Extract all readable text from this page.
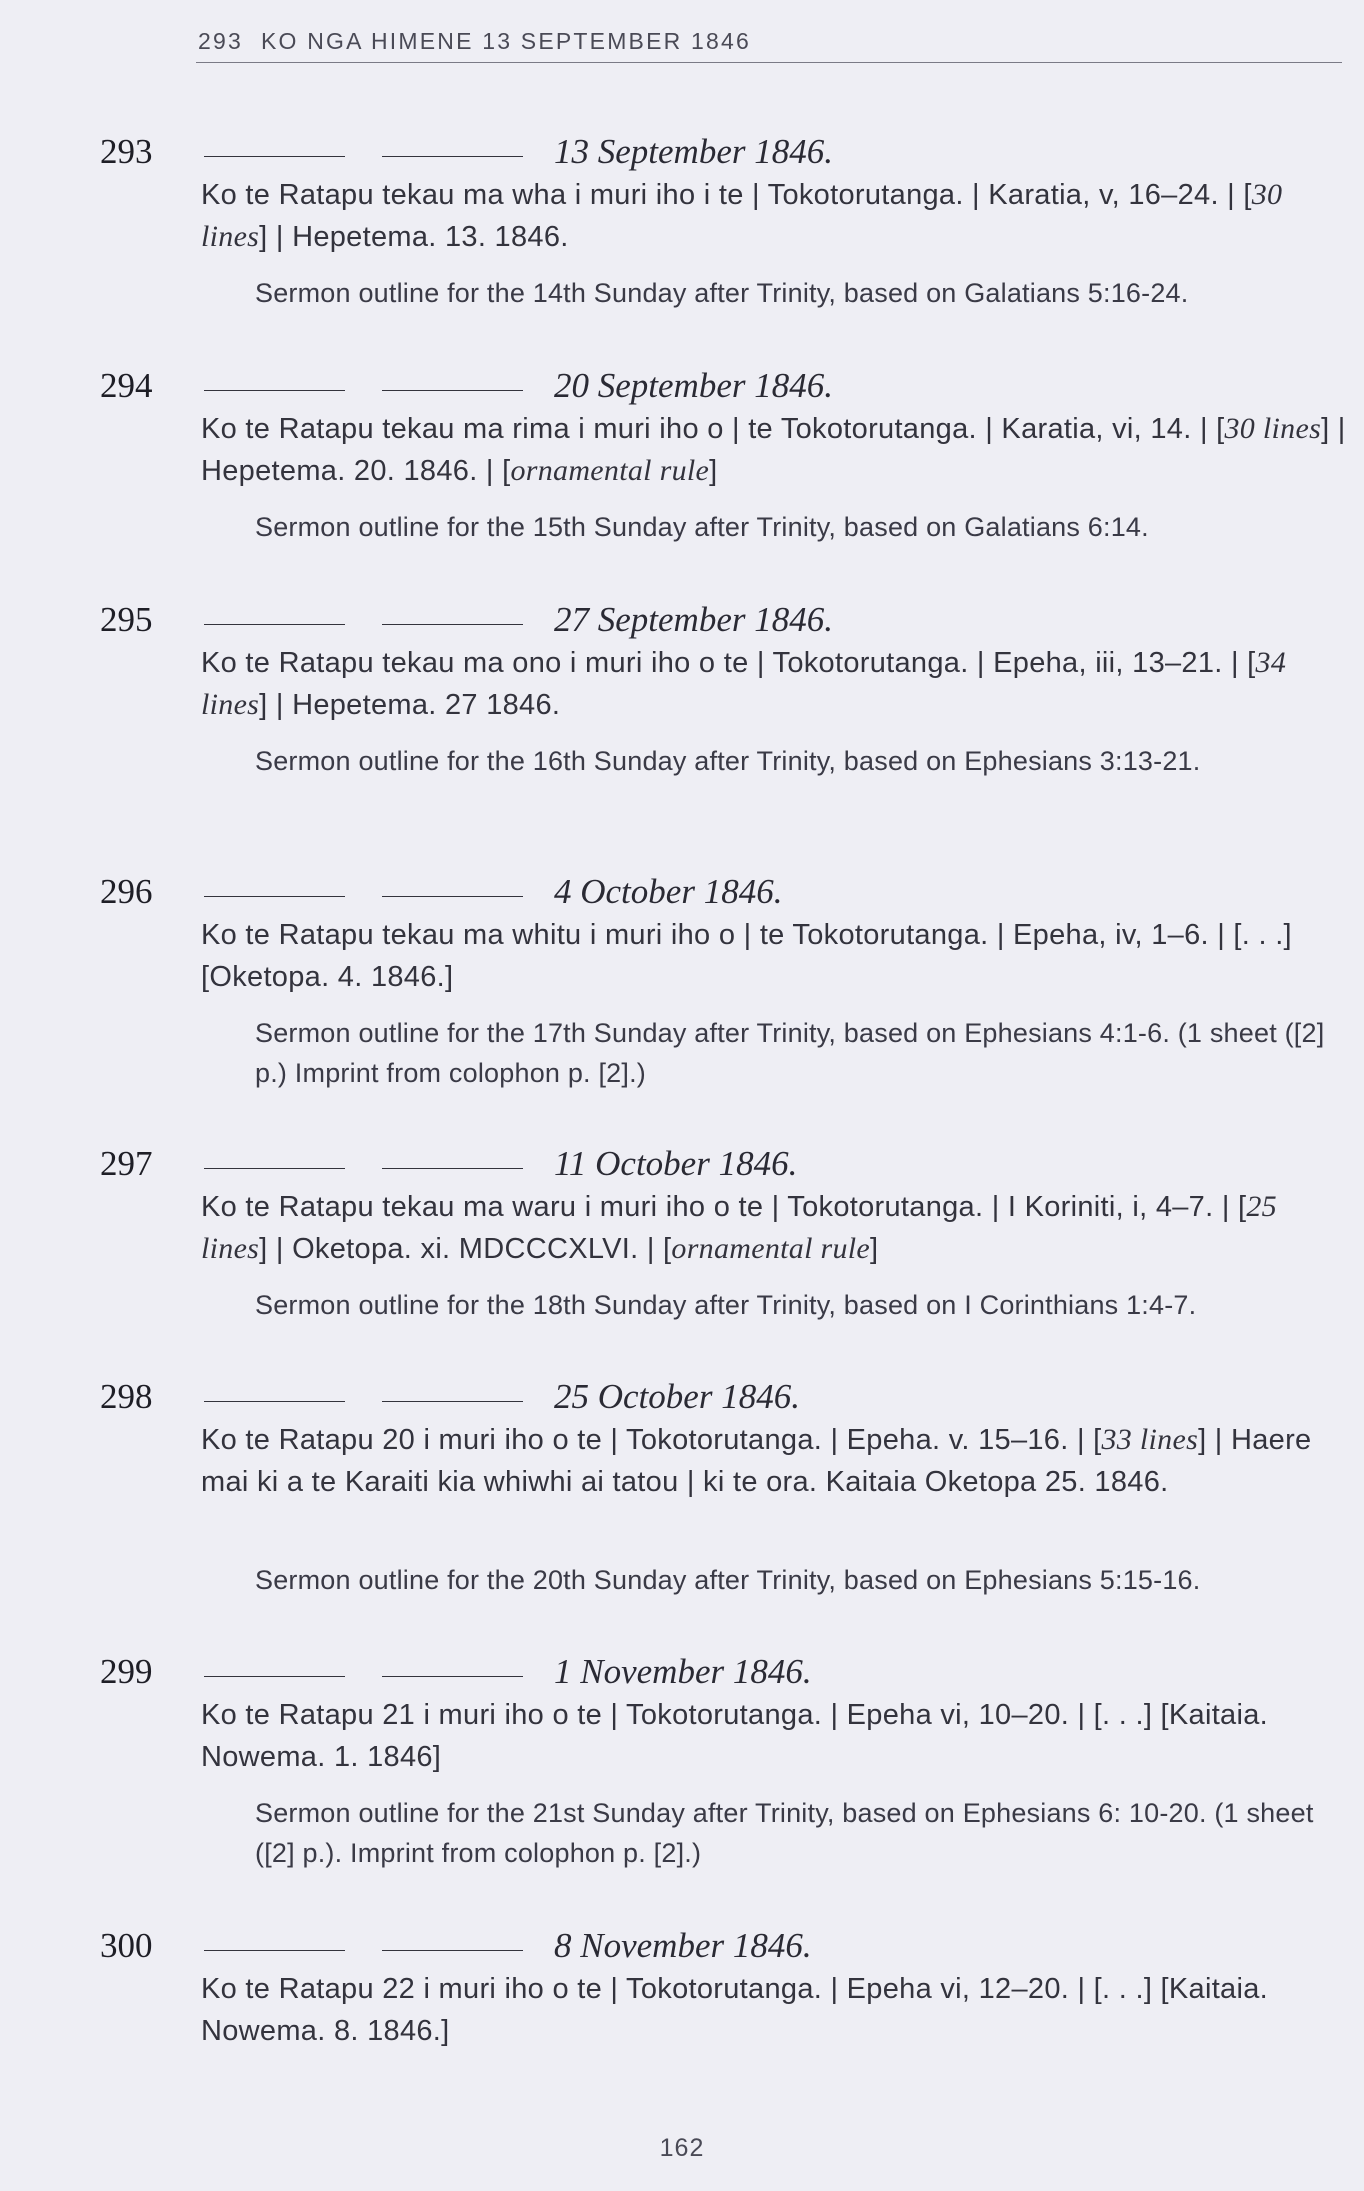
293 KO NGA HIMENE 13 SEPTEMBER 1846
293	13 September 1846.
Ko te Ratapu tekau ma wha i muri iho i te | Tokotorutanga. | Karatia, v, 16–24. | [30 lines] | Hepetema. 13. 1846.
Sermon outline for the 14th Sunday after Trinity, based on Galatians 5:16-24.
294	20 September 1846.
Ko te Ratapu tekau ma rima i muri iho o | te Tokotorutanga. | Karatia, vi, 14. | [30 lines] | Hepetema. 20. 1846. | [ornamental rule]
Sermon outline for the 15th Sunday after Trinity, based on Galatians 6:14.
295	27 September 1846.
Ko te Ratapu tekau ma ono i muri iho o te | Tokotorutanga. | Epeha, iii, 13–21. | [34 lines] | Hepetema. 27 1846.
Sermon outline for the 16th Sunday after Trinity, based on Ephesians 3:13-21.
296	4 October 1846.
Ko te Ratapu tekau ma whitu i muri iho o | te Tokotorutanga. | Epeha, iv, 1–6. | [. . .] [Oketopa. 4. 1846.]
Sermon outline for the 17th Sunday after Trinity, based on Ephesians 4:1-6. (1 sheet ([2] p.) Imprint from colophon p. [2].)
297	11 October 1846.
Ko te Ratapu tekau ma waru i muri iho o te | Tokotorutanga. | I Koriniti, i, 4–7. | [25 lines] | Oketopa. xi. MDCCCXLVI. | [ornamental rule]
Sermon outline for the 18th Sunday after Trinity, based on I Corinthians 1:4-7.
298	25 October 1846.
Ko te Ratapu 20 i muri iho o te | Tokotorutanga. | Epeha. v. 15–16. | [33 lines] | Haere mai ki a te Karaiti kia whiwhi ai tatou | ki te ora. Kaitaia Oketopa 25. 1846.
Sermon outline for the 20th Sunday after Trinity, based on Ephesians 5:15-16.
299	1 November 1846.
Ko te Ratapu 21 i muri iho o te | Tokotorutanga. | Epeha vi, 10–20. | [. . .] [Kaitaia. Nowema. 1. 1846]
Sermon outline for the 21st Sunday after Trinity, based on Ephesians 6: 10-20. (1 sheet ([2] p.). Imprint from colophon p. [2].)
300	8 November 1846.
Ko te Ratapu 22 i muri iho o te | Tokotorutanga. | Epeha vi, 12–20. | [. . .] [Kaitaia. Nowema. 8. 1846.]
162
